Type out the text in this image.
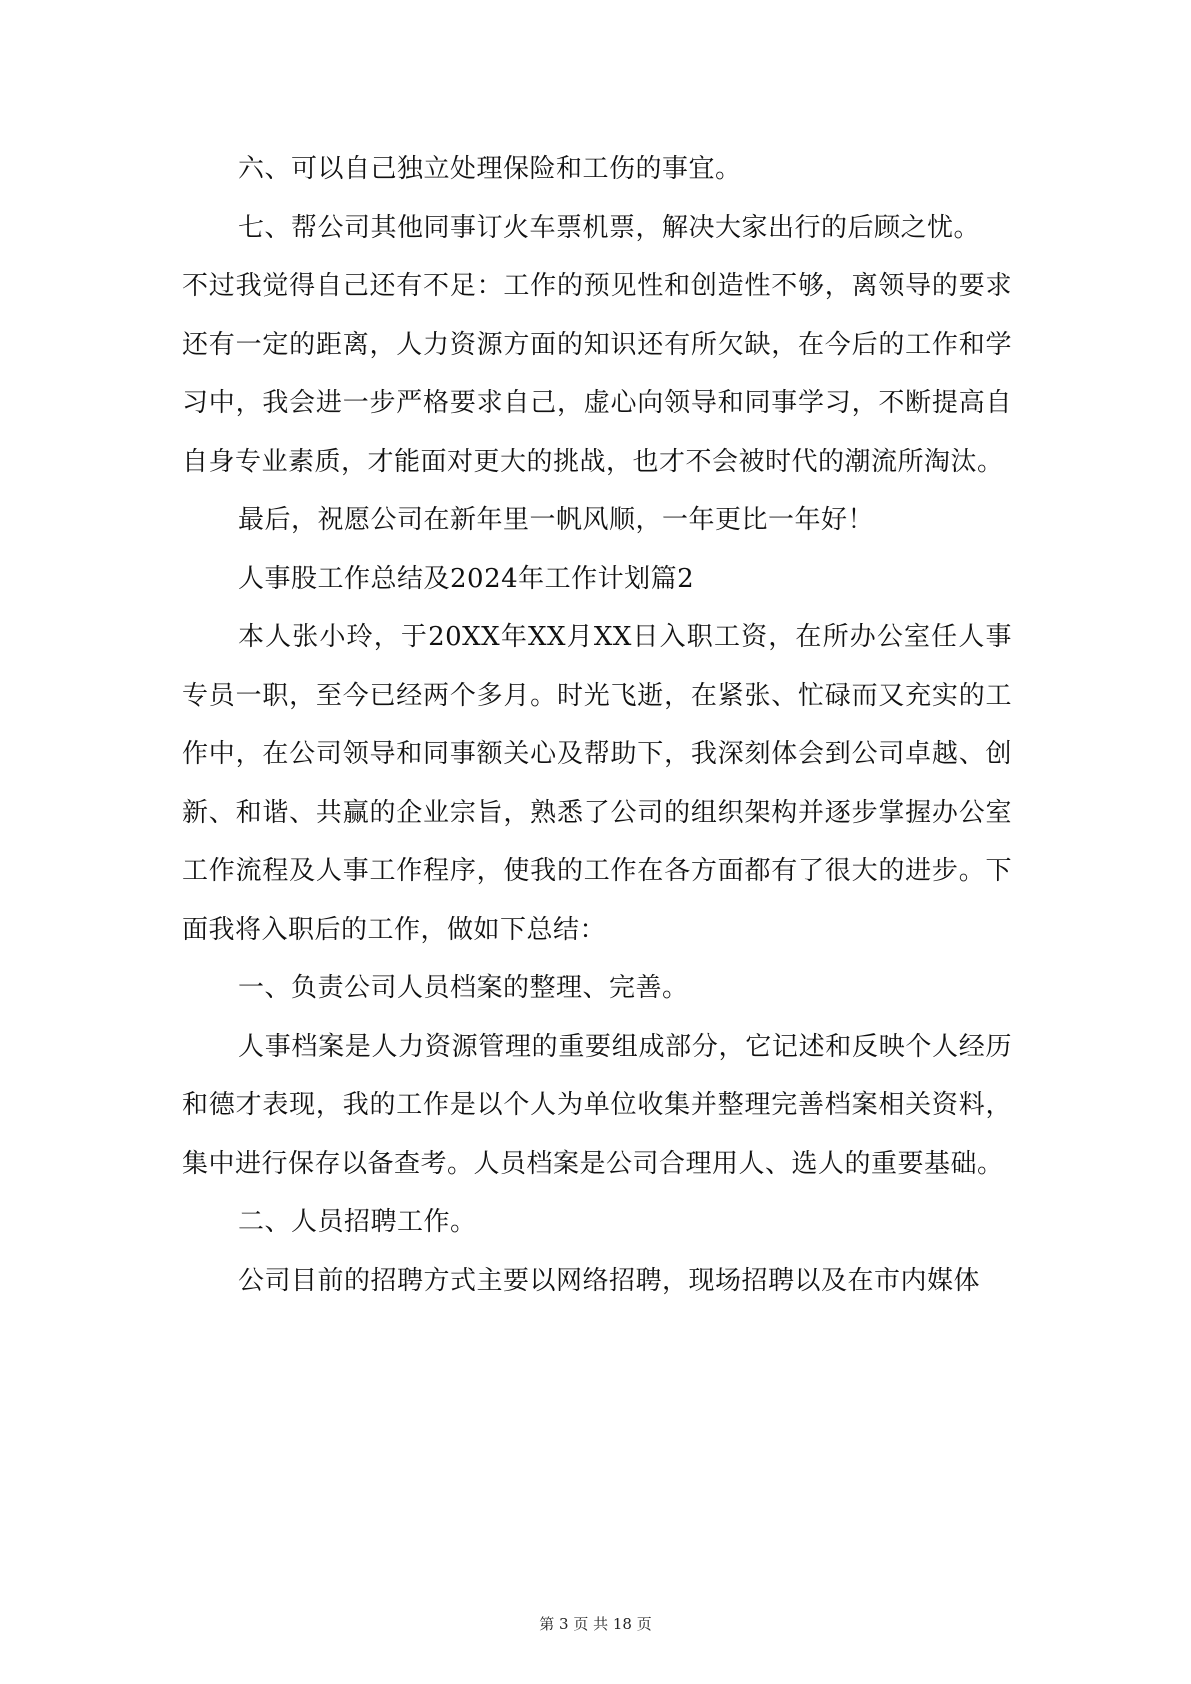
六、可以自己独立处理保险和工伤的事宜。

七、帮公司其他同事订火车票机票，解决大家出行的后顾之忧。

不过我觉得自己还有不足：工作的预见性和创造性不够，离领导的要求还有一定的距离，人力资源方面的知识还有所欠缺，在今后的工作和学习中，我会进一步严格要求自己，虚心向领导和同事学习，不断提高自自身专业素质，才能面对更大的挑战，也才不会被时代的潮流所淘汰。

最后，祝愿公司在新年里一帆风顺，一年更比一年好！

人事股工作总结及2024年工作计划篇2

本人张小玲，于20XX年XX月XX日入职工资，在所办公室任人事专员一职，至今已经两个多月。时光飞逝，在紧张、忙碌而又充实的工作中，在公司领导和同事额关心及帮助下，我深刻体会到公司卓越、创新、和谐、共赢的企业宗旨，熟悉了公司的组织架构并逐步掌握办公室工作流程及人事工作程序，使我的工作在各方面都有了很大的进步。下面我将入职后的工作，做如下总结：

一、负责公司人员档案的整理、完善。

人事档案是人力资源管理的重要组成部分，它记述和反映个人经历和德才表现，我的工作是以个人为单位收集并整理完善档案相关资料，集中进行保存以备查考。人员档案是公司合理用人、选人的重要基础。

二、人员招聘工作。

公司目前的招聘方式主要以网络招聘，现场招聘以及在市内媒体

第 3 页 共 18 页
